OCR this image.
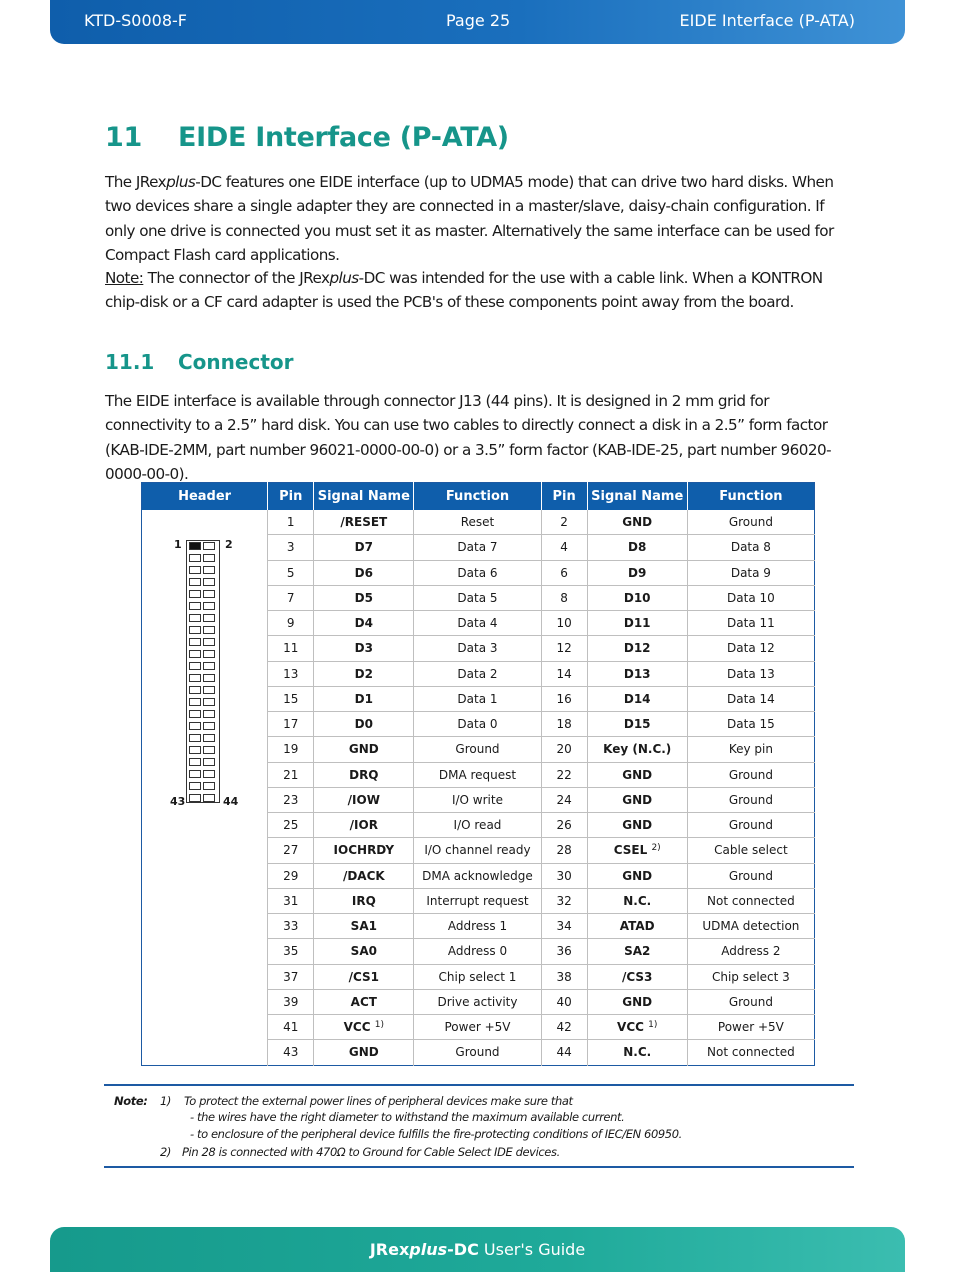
KTD-S0008-F	Page 25	EIDE Interface (P-ATA)
11 EIDE Interface (P-ATA)

The JRexplus-DC features one EIDE interface (up to UDMA5 mode) that can drive two hard disks. When two devices share a single adapter they are connected in a master/slave, daisy-chain configuration. If only one drive is connected you must set it as master. Alternatively the same interface can be used for Compact Flash card applications.

Note: The connector of the JRexplus-DC was intended for the use with a cable link. When a KONTRON chip-disk or a CF card adapter is used the PCB's of these components point away from the board.

11.1 Connector

The EIDE interface is available through connector J13 (44 pins). It is designed in 2 mm grid for connectivity to a 2.5” hard disk. You can use two cables to directly connect a disk in a 2.5” form factor (KAB-IDE-2MM, part number 96021-0000-00-0) or a 3.5” form factor (KAB-IDE-25, part number 96020-0000-00-0).

Header	Pin	Signal Name	Function	Pin	Signal Name	Function

1 2
43 44	1	/RESET	Reset	2	GND	Ground
	3	D7	Data 7	4	D8	Data 8
	5	D6	Data 6	6	D9	Data 9
	7	D5	Data 5	8	D10	Data 10
	9	D4	Data 4	10	D11	Data 11
	11	D3	Data 3	12	D12	Data 12
	13	D2	Data 2	14	D13	Data 13
	15	D1	Data 1	16	D14	Data 14
	17	D0	Data 0	18	D15	Data 15
	19	GND	Ground	20	Key (N.C.)	Key pin
	21	DRQ	DMA request	22	GND	Ground
	23	/IOW	I/O write	24	GND	Ground
	25	/IOR	I/O read	26	GND	Ground
	27	IOCHRDY	I/O channel ready	28	CSEL $^{2)}$	Cable select
	29	/DACK	DMA acknowledge	30	GND	Ground
	31	IRQ	Interrupt request	32	N.C.	Not connected
	33	SA1	Address 1	34	ATAD	UDMA detection
	35	SA0	Address 0	36	SA2	Address 2
	37	/CS1	Chip select 1	38	/CS3	Chip select 3
	39	ACT	Drive activity	40	GND	Ground
	41	VCC $^{1)}$	Power +5V	42	VCC $^{1)}$	Power +5V
	43	GND	Ground	44	N.C.	Not connected
Note: 1) To protect the external power lines of peripheral devices make sure that
- the wires have the right diameter to withstand the maximum available current.
- to enclosure of the peripheral device fulfills the fire-protecting conditions of IEC/EN 60950.
2) Pin 28 is connected with 470Ω to Ground for Cable Select IDE devices.
JRexplus-DC User's Guide
